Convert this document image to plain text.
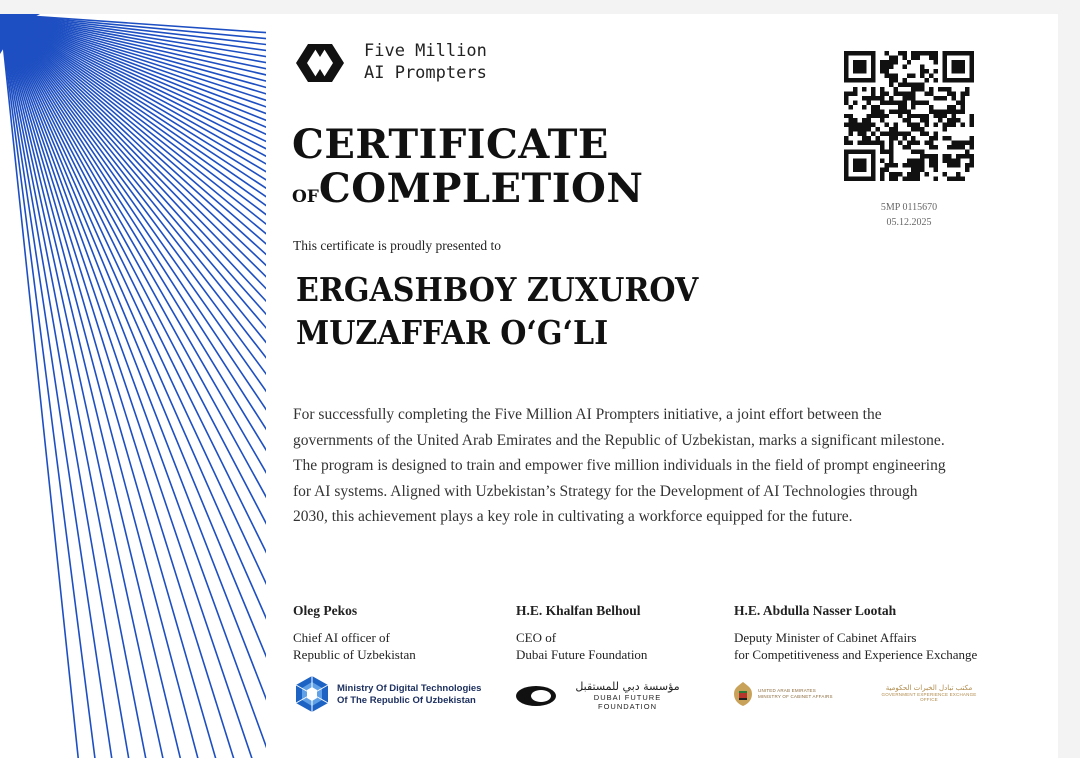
Five Million
AI Prompters
CERTIFICATE
OFCOMPLETION
This certificate is proudly presented to
ERGASHBOY ZUXUROV
MUZAFFAR O‘G‘LI
For successfully completing the Five Million AI Prompters initiative, a joint effort between the governments of the United Arab Emirates and the Republic of Uzbekistan, marks a significant milestone. The program is designed to train and empower five million individuals in the field of prompt engineering for AI systems. Aligned with Uzbekistan’s Strategy for the Development of AI Technologies through 2030, this achievement plays a key role in cultivating a workforce equipped for the future.
5MP 0115670
05.12.2025
Oleg Pekos
Chief AI officer of
Republic of Uzbekistan
H.E. Khalfan Belhoul
CEO of
Dubai Future Foundation
H.E. Abdulla Nasser Lootah
Deputy Minister of Cabinet Affairs
for Competitiveness and Experience Exchange
Ministry Of Digital Technologies
Of The Republic Of Uzbekistan
مؤسسة دبي للمستقبل
DUBAI FUTURE FOUNDATION
UNITED ARAB EMIRATES
MINISTRY OF CABINET AFFAIRS
مكتب تبادل الخبرات الحكومية
GOVERNMENT EXPERIENCE EXCHANGE OFFICE
